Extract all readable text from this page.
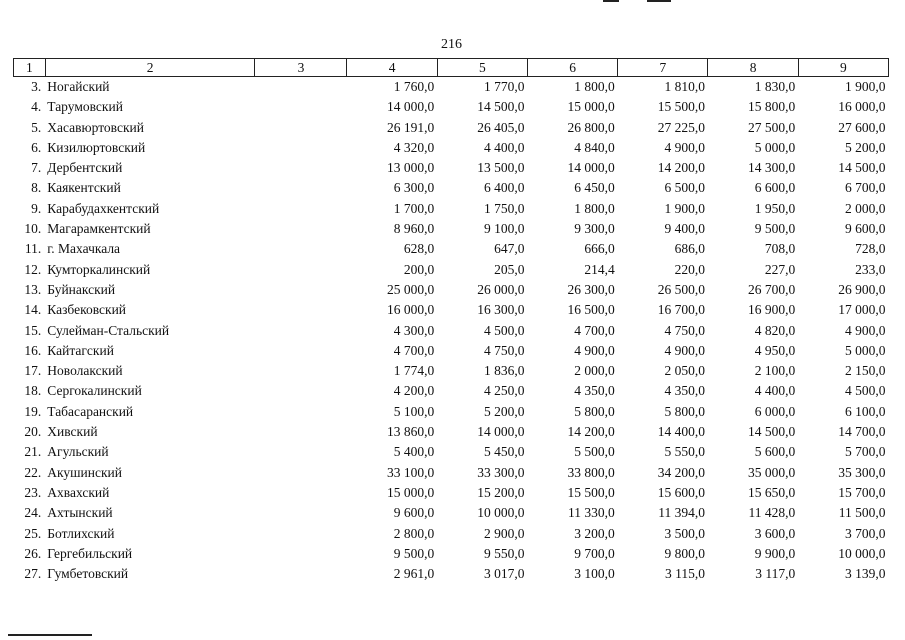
216
1	2	3	4	5	6	7	8	9
3.	Ногайский		1 760,0	1 770,0	1 800,0	1 810,0	1 830,0	1 900,0
4.	Тарумовский		14 000,0	14 500,0	15 000,0	15 500,0	15 800,0	16 000,0
5.	Хасавюртовский		26 191,0	26 405,0	26 800,0	27 225,0	27 500,0	27 600,0
6.	Кизилюртовский		4 320,0	4 400,0	4 840,0	4 900,0	5 000,0	5 200,0
7.	Дербентский		13 000,0	13 500,0	14 000,0	14 200,0	14 300,0	14 500,0
8.	Каякентский		6 300,0	6 400,0	6 450,0	6 500,0	6 600,0	6 700,0
9.	Карабудахкентский		1 700,0	1 750,0	1 800,0	1 900,0	1 950,0	2 000,0
10.	Магарамкентский		8 960,0	9 100,0	9 300,0	9 400,0	9 500,0	9 600,0
11.	г. Махачкала		628,0	647,0	666,0	686,0	708,0	728,0
12.	Кумторкалинский		200,0	205,0	214,4	220,0	227,0	233,0
13.	Буйнакский		25 000,0	26 000,0	26 300,0	26 500,0	26 700,0	26 900,0
14.	Казбековский		16 000,0	16 300,0	16 500,0	16 700,0	16 900,0	17 000,0
15.	Сулейман-Стальский		4 300,0	4 500,0	4 700,0	4 750,0	4 820,0	4 900,0
16.	Кайтагский		4 700,0	4 750,0	4 900,0	4 900,0	4 950,0	5 000,0
17.	Новолакский		1 774,0	1 836,0	2 000,0	2 050,0	2 100,0	2 150,0
18.	Сергокалинский		4 200,0	4 250,0	4 350,0	4 350,0	4 400,0	4 500,0
19.	Табасаранский		5 100,0	5 200,0	5 800,0	5 800,0	6 000,0	6 100,0
20.	Хивский		13 860,0	14 000,0	14 200,0	14 400,0	14 500,0	14 700,0
21.	Агульский		5 400,0	5 450,0	5 500,0	5 550,0	5 600,0	5 700,0
22.	Акушинский		33 100,0	33 300,0	33 800,0	34 200,0	35 000,0	35 300,0
23.	Ахвахский		15 000,0	15 200,0	15 500,0	15 600,0	15 650,0	15 700,0
24.	Ахтынский		9 600,0	10 000,0	11 330,0	11 394,0	11 428,0	11 500,0
25.	Ботлихский		2 800,0	2 900,0	3 200,0	3 500,0	3 600,0	3 700,0
26.	Гергебильский		9 500,0	9 550,0	9 700,0	9 800,0	9 900,0	10 000,0
27.	Гумбетовский		2 961,0	3 017,0	3 100,0	3 115,0	3 117,0	3 139,0
